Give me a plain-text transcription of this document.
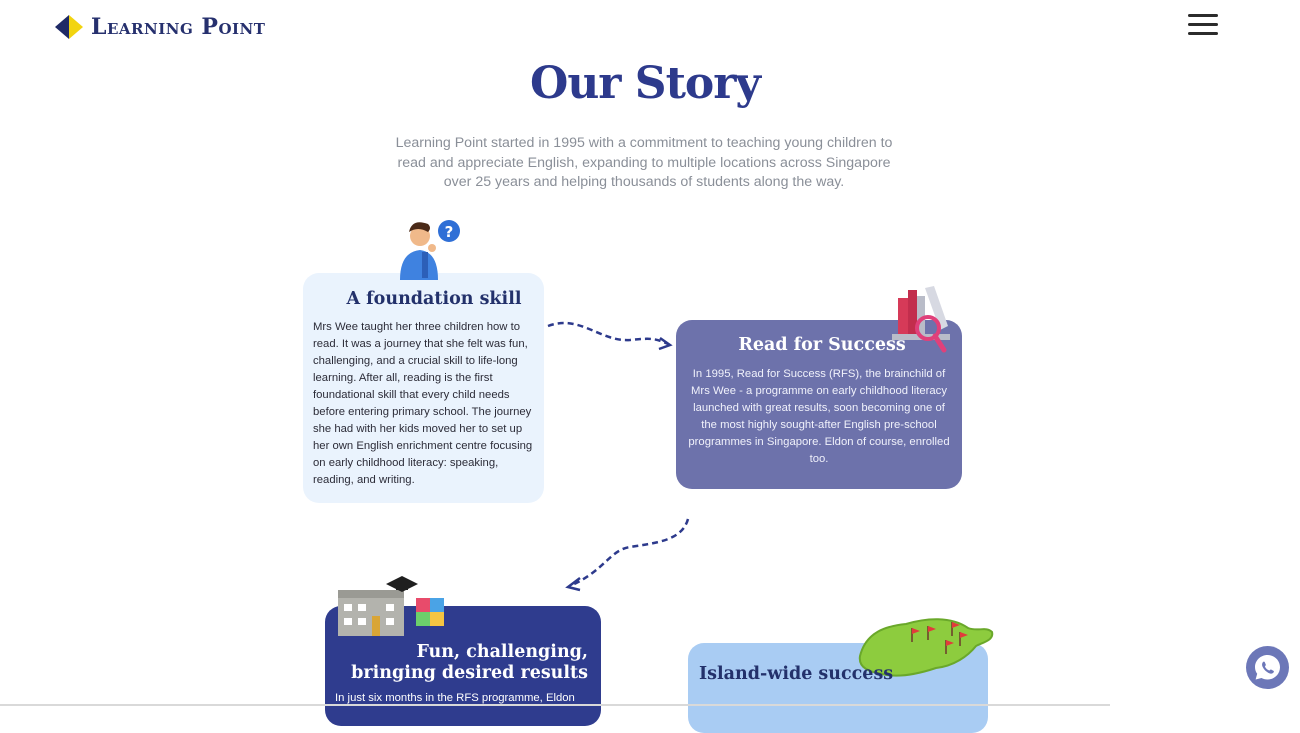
Learning Point
Our Story
Learning Point started in 1995 with a commitment to teaching young children to read and appreciate English, expanding to multiple locations across Singapore over 25 years and helping thousands of students along the way.
?
A foundation skill
Mrs Wee taught her three children how to read. It was a journey that she felt was fun, challenging, and a crucial skill to life-long learning. After all, reading is the first foundational skill that every child needs before entering primary school. The journey she had with her kids moved her to set up her own English enrichment centre focusing on early childhood literacy: speaking, reading, and writing.
Read for Success
In 1995, Read for Success (RFS), the brainchild of Mrs Wee - a programme on early childhood literacy launched with great results, soon becoming one of the most highly sought-after English pre-school programmes in Singapore. Eldon of course, enrolled too.
Fun, challenging, bringing desired results
In just six months in the RFS programme, Eldon
Island-wide success
